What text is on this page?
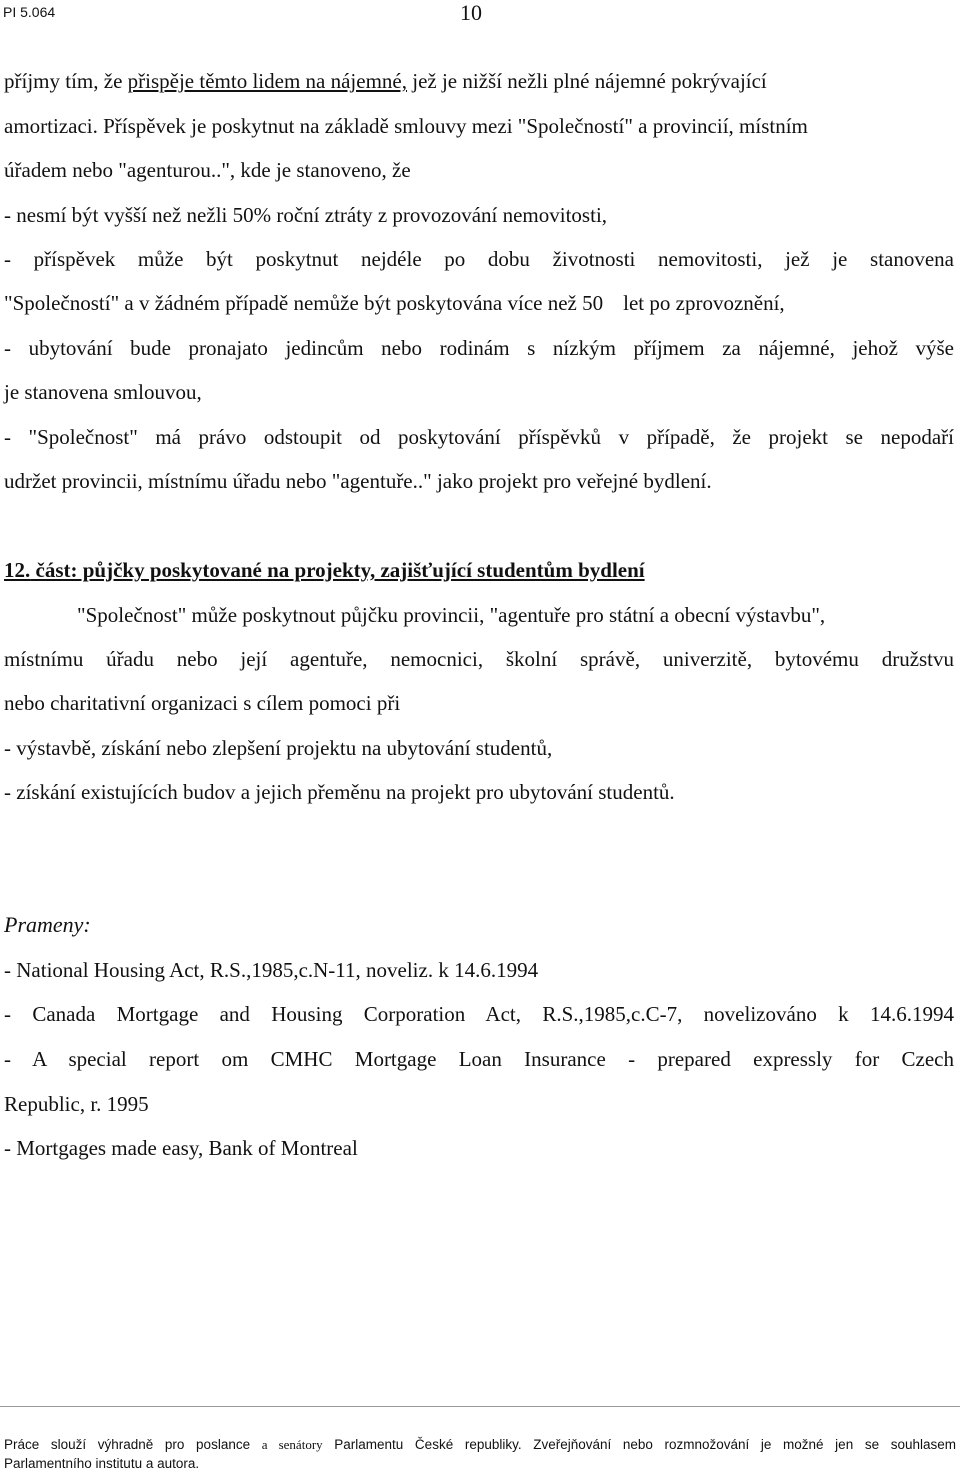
PI 5.064	10
příjmy tím, že přispěje těmto lidem na nájemné, jež je nižší nežli plné nájemné pokrývající
amortizaci. Příspěvek je poskytnut na základě smlouvy mezi "Společností" a provincií, místním
úřadem nebo "agenturou..", kde je stanoveno, že
- nesmí být vyšší než nežli 50% roční ztráty z provozování nemovitosti,
- příspěvek může být poskytnut nejdéle po dobu životnosti nemovitosti, jež je stanovena
"Společností" a v žádném případě nemůže být poskytována více než 50 let po zprovoznění,
- ubytování bude pronajato jedincům nebo rodinám s nízkým příjmem za nájemné, jehož výše
je stanovena smlouvou,
- "Společnost" má právo odstoupit od poskytování příspěvků v případě, že projekt se nepodaří
udržet provincii, místnímu úřadu nebo "agentuře.." jako projekt pro veřejné bydlení.
12. část: půjčky poskytované na projekty, zajišťující studentům bydlení
"Společnost" může poskytnout půjčku provincii, "agentuře pro státní a obecní výstavbu",
místnímu úřadu nebo její agentuře, nemocnici, školní správě, univerzitě, bytovému družstvu
nebo charitativní organizaci s cílem pomoci při
- výstavbě, získání nebo zlepšení projektu na ubytování studentů,
- získání existujících budov a jejich přeměnu na projekt pro ubytování studentů.
Prameny:
- National Housing Act, R.S.,1985,c.N-11, noveliz. k 14.6.1994
- Canada Mortgage and Housing Corporation Act, R.S.,1985,c.C-7, novelizováno k 14.6.1994
- A special report om CMHC Mortgage Loan Insurance - prepared expressly for Czech
Republic, r. 1995
- Mortgages made easy, Bank of Montreal
Práce slouží výhradně pro poslance a senátory Parlamentu České republiky. Zveřejňování nebo rozmnožování je možné jen se souhlasem
Parlamentního institutu a autora.
